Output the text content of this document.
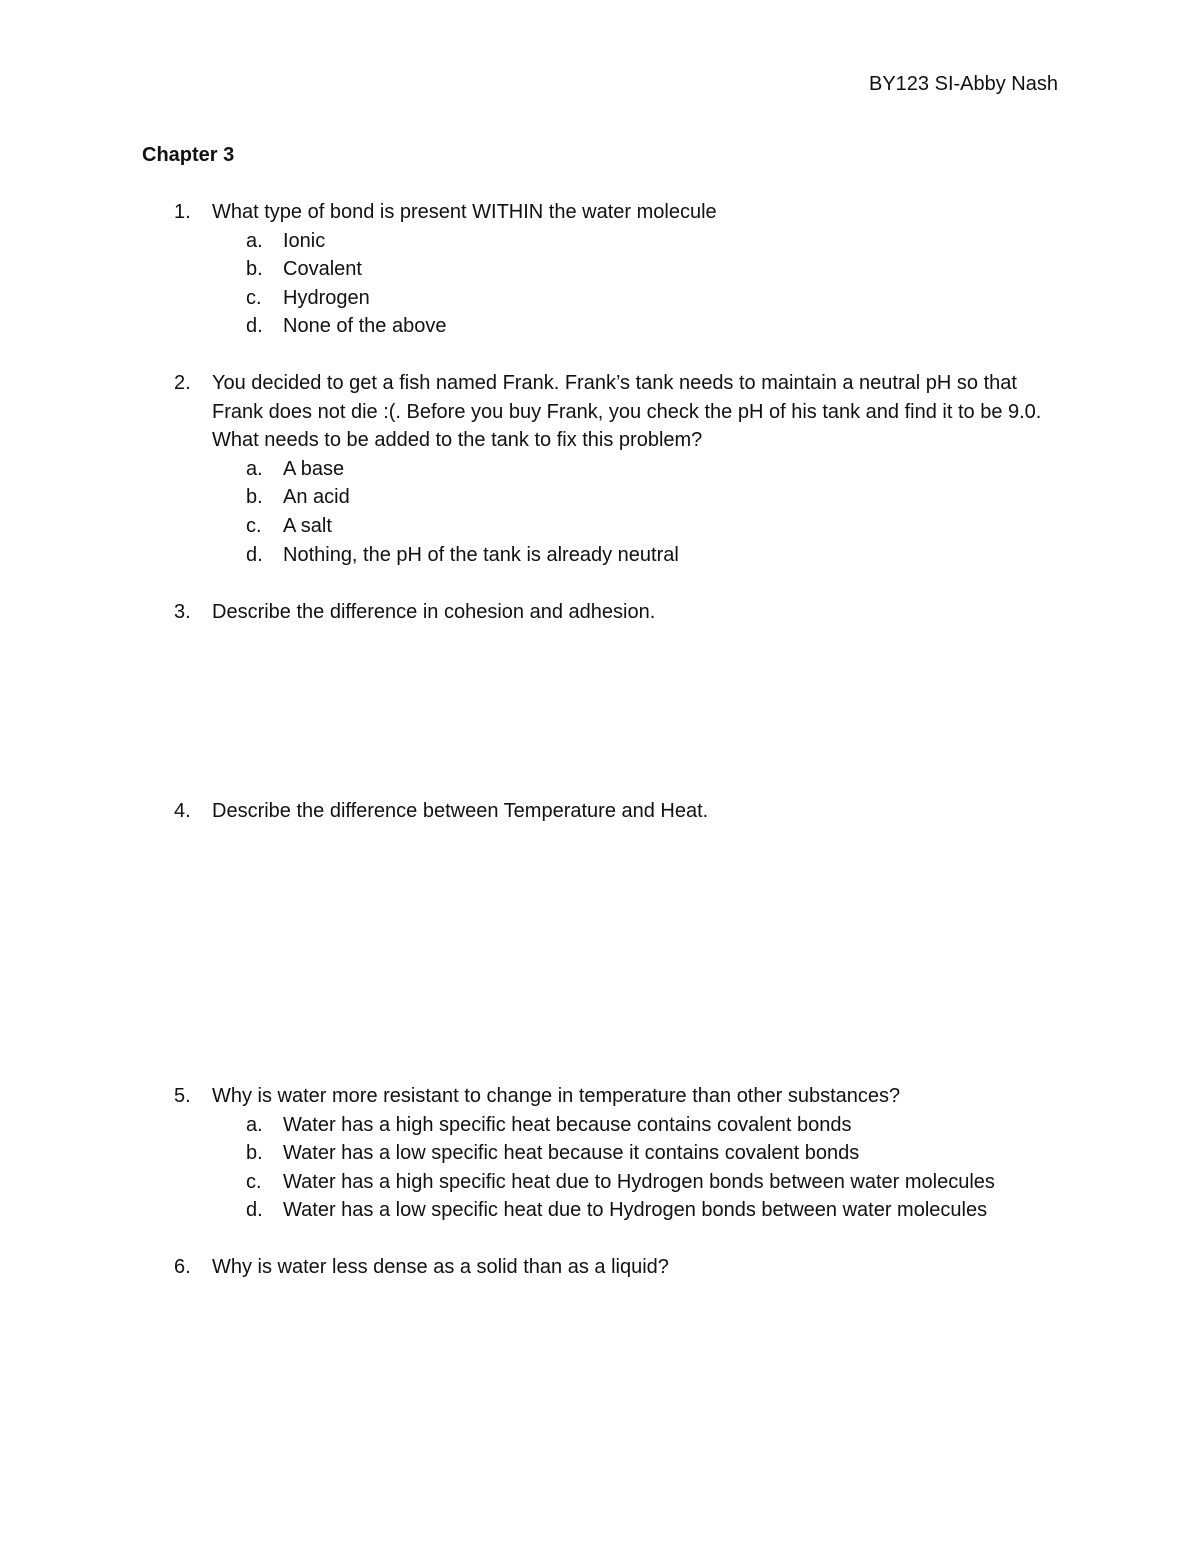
BY123 SI-Abby Nash
Chapter 3
1.	What type of bond is present WITHIN the water molecule
a.	Ionic
b.	Covalent
c.	Hydrogen
d.	None of the above
2.	You decided to get a fish named Frank. Frank’s tank needs to maintain a neutral pH so that Frank does not die :(. Before you buy Frank, you check the pH of his tank and find it to be 9.0. What needs to be added to the tank to fix this problem?
a.	A base
b.	An acid
c.	A salt
d.	Nothing, the pH of the tank is already neutral
3.	Describe the difference in cohesion and adhesion.
4.	Describe the difference between Temperature and Heat.
5.	Why is water more resistant to change in temperature than other substances?
a.	Water has a high specific heat because contains covalent bonds
b.	Water has a low specific heat because it contains covalent bonds
c.	Water has a high specific heat due to Hydrogen bonds between water molecules
d.	Water has a low specific heat due to Hydrogen bonds between water molecules
6.	Why is water less dense as a solid than as a liquid?
